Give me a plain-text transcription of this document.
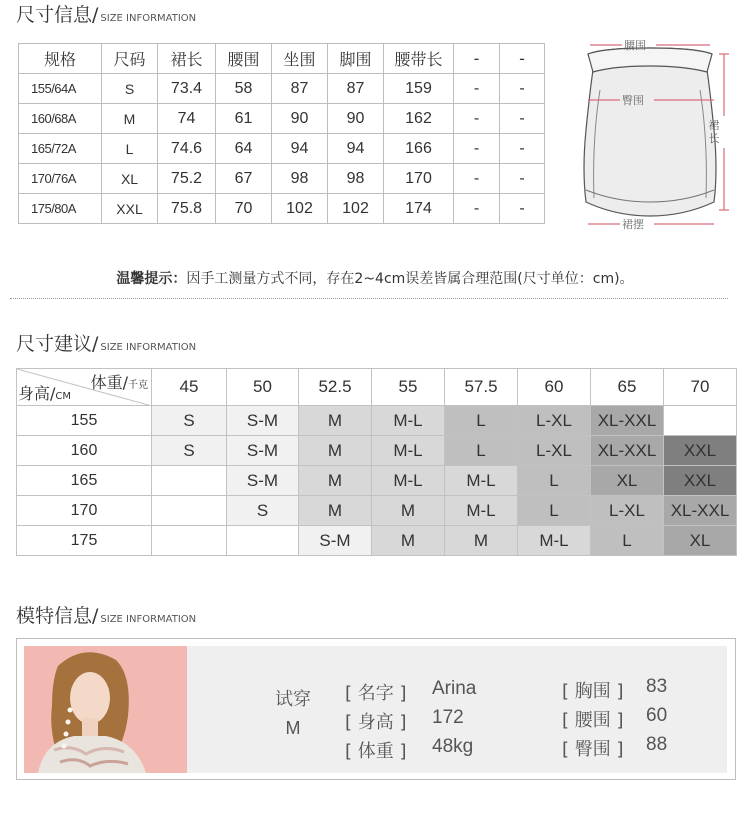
尺寸信息/ SIZE INFORMATION
规格	尺码	裙长	腰围	坐围	脚围	腰带长	-	-
155/64A	S	73.4	58	87	87	159	-	-
160/68A	M	74	61	90	90	162	-	-
165/72A	L	74.6	64	94	94	166	-	-
170/76A	XL	75.2	67	98	98	170	-	-
175/80A	XXL	75.8	70	102	102	174	-	-
腰围
臀围
裙摆
裙长
温馨提示：因手工测量方式不同，存在2~4cm误差皆属合理范围(尺寸单位：cm)。
尺寸建议/ SIZE INFORMATION
体重/千克
身高/CM	45	50	52.5	55	57.5	60	65	70
155	S	S-M	M	M-L	L	L-XL	XL-XXL	
160	S	S-M	M	M-L	L	L-XL	XL-XXL	XXL
165		S-M	M	M-L	M-L	L	XL	XXL
170		S	M	M	M-L	L	L-XL	XL-XXL
175			S-M	M	M	M-L	L	XL
模特信息/ SIZE INFORMATION
试穿
M
[ 名字 ] Arina
[ 身高 ] 172
[ 体重 ] 48kg
[ 胸围 ] 83
[ 腰围 ] 60
[ 臀围 ] 88
